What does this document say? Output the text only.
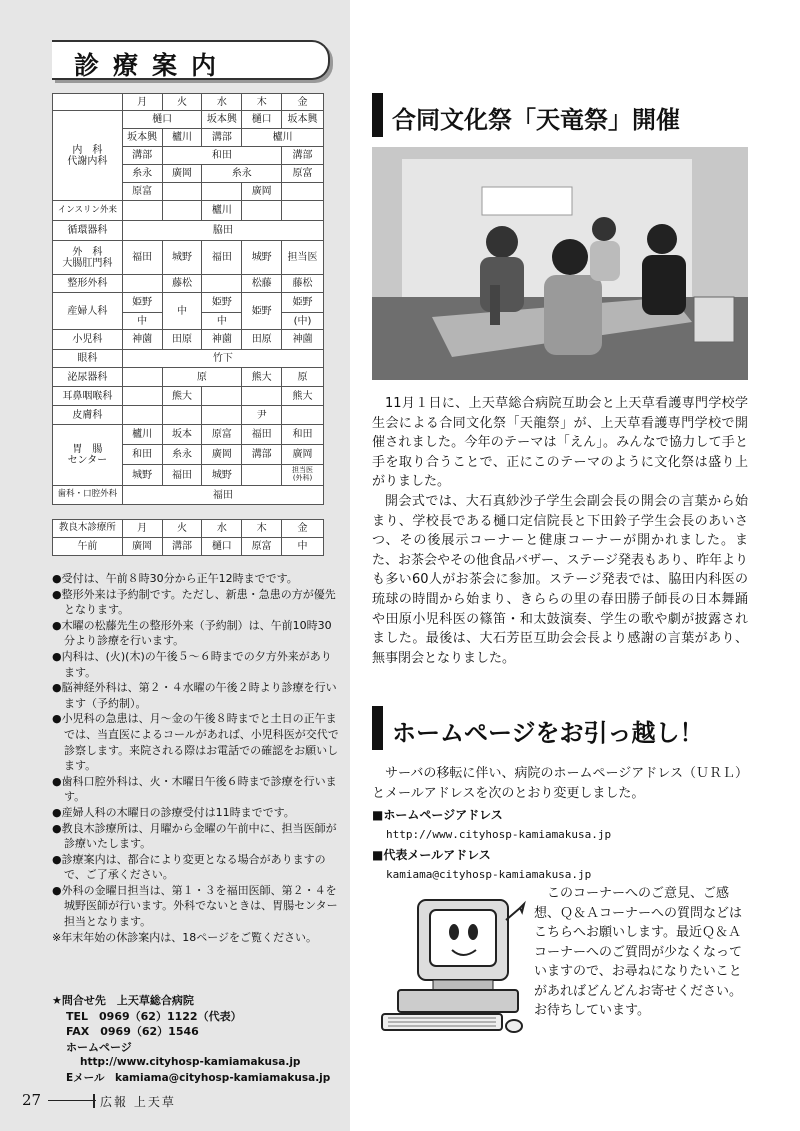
診療案内
	月	火	水	木	金
内　科
代謝内科	樋口		坂本興	樋口	坂本興
	坂本興	櫨川	溝部	櫨川	
	溝部	和田			溝部
	糸永	廣岡	糸永		原富
	原富			廣岡	
インスリン外来			櫨川		
循環器科	脇田				
外　科
大腸肛門科	福田	城野	福田	城野	担当医
整形外科		藤松		松藤	藤松
産婦人科	姫野	中	姫野	姫野	姫野
	中		中		(中)
小児科	神薗	田原	神薗	田原	神薗
眼科	竹下				
泌尿器科		原		熊大	原
耳鼻咽喉科		熊大			熊大
皮膚科				尹	
胃　腸
センター	櫨川	坂本	原富	福田	和田
	和田	糸永	廣岡	溝部	廣岡
	城野	福田	城野		担当医
(外科)
歯科・口腔外科	福田				
教良木診療所	月	火	水	木	金
午前	廣岡	溝部	樋口	原富	中

●受付は、午前８時30分から正午12時までです。

●整形外来は予約制です。ただし、新患・急患の方が優先となります。

●木曜の松藤先生の整形外来（予約制）は、午前10時30分より診療を行います。

●内科は、(火)(木)の午後５～６時までの夕方外来があります。

●脳神経外科は、第２・４水曜の午後２時より診療を行います（予約制）。

●小児科の急患は、月～金の午後８時までと土日の正午までは、当直医によるコールがあれば、小児科医が交代で診察します。来院される際はお電話での確認をお願いします。

●歯科口腔外科は、火・木曜日午後６時まで診療を行います。

●産婦人科の木曜日の診療受付は11時までです。

●教良木診療所は、月曜から金曜の午前中に、担当医師が診療いたします。

●診療案内は、都合により変更となる場合がありますので、ご了承ください。

●外科の金曜日担当は、第１・３を福田医師、第２・４を城野医師が行います。外科でないときは、胃腸センター担当となります。

※年末年始の休診案内は、18ページをご覧ください。

★問合せ先　上天草総合病院
TEL　0969（62）1122（代表）
FAX　0969（62）1546
ホームページ
http://www.cityhosp-kamiamakusa.jp
Eメール　kamiama@cityhosp-kamiamakusa.jp
27	広報 上天草
合同文化祭「天竜祭」開催

11月１日に、上天草総合病院互助会と上天草看護専門学校学生会による合同文化祭「天龍祭」が、上天草看護専門学校で開催されました。今年のテーマは「えん」。みんなで協力して手と手を取り合うことで、正にこのテーマのように文化祭は盛り上がりました。

開会式では、大石真紗沙子学生会副会長の開会の言葉から始まり、学校長である樋口定信院長と下田鈴子学生会長のあいさつ、その後展示コーナーと健康コーナーが開かれました。また、お茶会やその他食品バザー、ステージ発表もあり、昨年よりも多い60人がお茶会に参加。ステージ発表では、脇田内科医の琉球の時間から始まり、きららの里の春田勝子師長の日本舞踊や田原小児科医の篠笛・和太鼓演奏、学生の歌や劇が披露されました。最後は、大石芳臣互助会会長より感謝の言葉があり、無事閉会となりました。

ホームページをお引っ越し！
サーバの移転に伴い、病院のホームページアドレス（ＵＲＬ）とメールアドレスを次のとおり変更しました。
■ホームページアドレス
http://www.cityhosp-kamiamakusa.jp
■代表メールアドレス
kamiama@cityhosp-kamiamakusa.jp
このコーナーへのご意見、ご感想、Ｑ＆Ａコーナーへの質問などはこちらへお願いします。最近Ｑ＆Ａコーナーへのご質問が少なくなっていますので、お尋ねになりたいことがあればどんどんお寄せください。お待ちしています。
